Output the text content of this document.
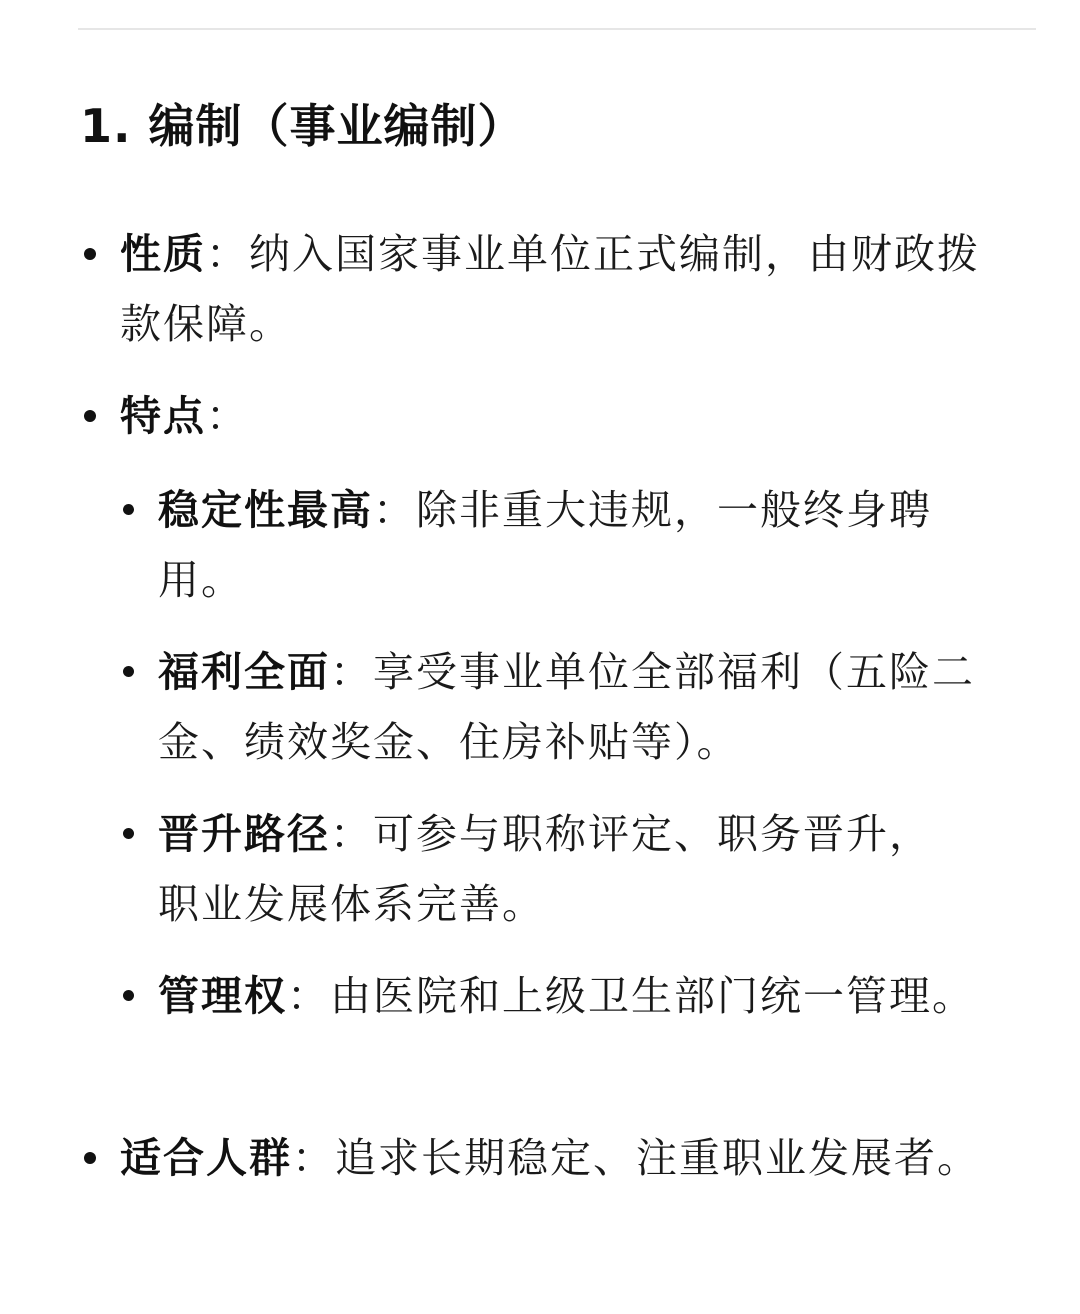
1. 编制（事业编制）

性质：纳入国家事业单位正式编制，由财政拨款保障。

特点：

稳定性最高：除非重大违规，一般终身聘用。

福利全面：享受事业单位全部福利（五险二金、绩效奖金、住房补贴等）。

晋升路径：可参与职称评定、职务晋升，职业发展体系完善。

管理权：由医院和上级卫生部门统一管理。

适合人群：追求长期稳定、注重职业发展者。
